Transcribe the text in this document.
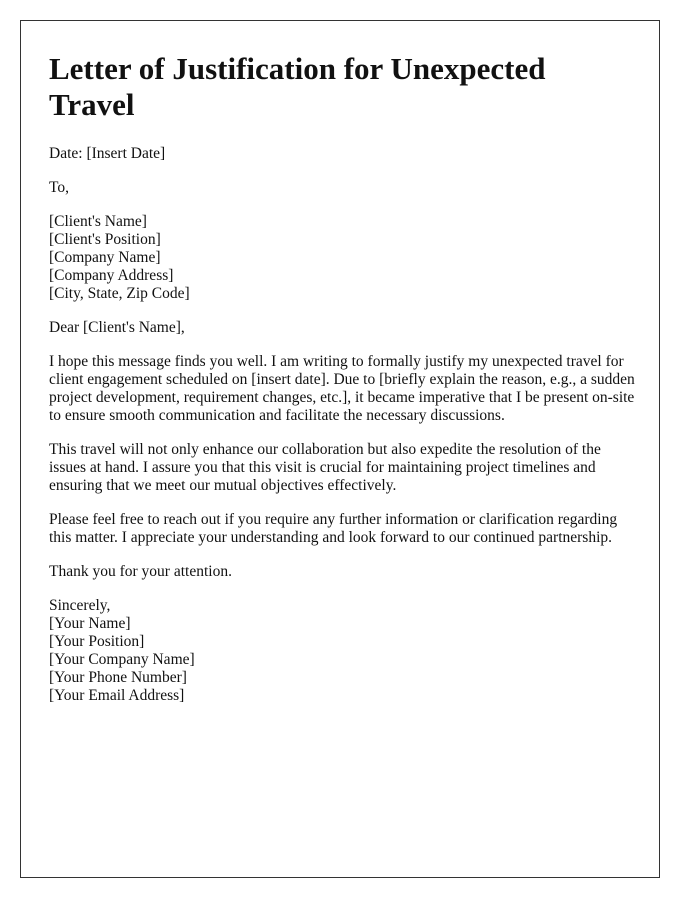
Letter of Justification for Unexpected Travel

Date: [Insert Date]

To,

[Client's Name]
[Client's Position]
[Company Name]
[Company Address]
[City, State, Zip Code]

Dear [Client's Name],

I hope this message finds you well. I am writing to formally justify my unexpected travel for client engagement scheduled on [insert date]. Due to [briefly explain the reason, e.g., a sudden project development, requirement changes, etc.], it became imperative that I be present on-site to ensure smooth communication and facilitate the necessary discussions.

This travel will not only enhance our collaboration but also expedite the resolution of the issues at hand. I assure you that this visit is crucial for maintaining project timelines and ensuring that we meet our mutual objectives effectively.

Please feel free to reach out if you require any further information or clarification regarding this matter. I appreciate your understanding and look forward to our continued partnership.

Thank you for your attention.

Sincerely,
[Your Name]
[Your Position]
[Your Company Name]
[Your Phone Number]
[Your Email Address]
